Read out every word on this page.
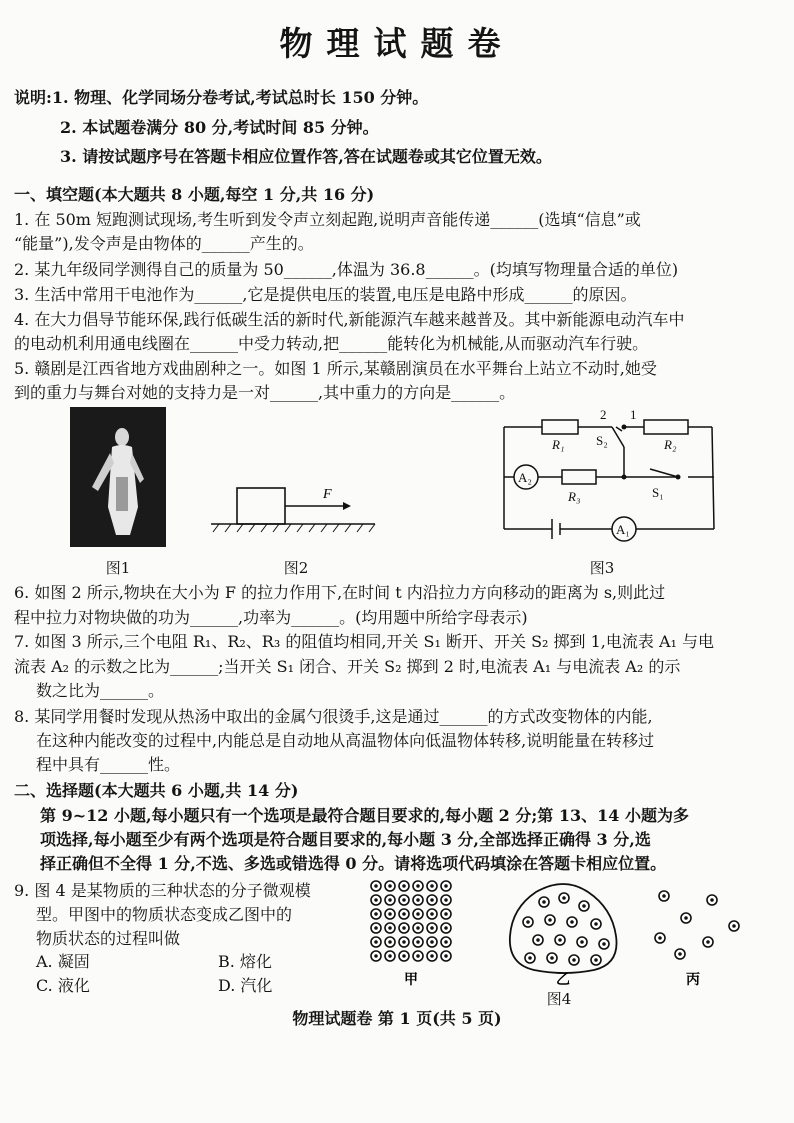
物理试题卷
说明:1. 物理、化学同场分卷考试,考试总时长 150 分钟。
2. 本试题卷满分 80 分,考试时间 85 分钟。
3. 请按试题序号在答题卡相应位置作答,答在试题卷或其它位置无效。
一、填空题(本大题共 8 小题,每空 1 分,共 16 分)
1. 在 50m 短跑测试现场,考生听到发令声立刻起跑,说明声音能传递______(选填“信息”或
“能量”),发令声是由物体的______产生的。
2. 某九年级同学测得自己的质量为 50______,体温为 36.8______。(均填写物理量合适的单位)
3. 生活中常用干电池作为______,它是提供电压的装置,电压是电路中形成______的原因。
4. 在大力倡导节能环保,践行低碳生活的新时代,新能源汽车越来越普及。其中新能源电动汽车中
的电动机利用通电线圈在______中受力转动,把______能转化为机械能,从而驱动汽车行驶。
5. 赣剧是江西省地方戏曲剧种之一。如图 1 所示,某赣剧演员在水平舞台上站立不动时,她受
到的重力与舞台对她的支持力是一对______,其中重力的方向是______。
图1
F
图2
R₁	R₂
R₃	S₁
S₂
A₂
A₁
2 1
图3
6. 如图 2 所示,物块在大小为 F 的拉力作用下,在时间 t 内沿拉力方向移动的距离为 s,则此过
程中拉力对物块做的功为______,功率为______。(均用题中所给字母表示)
7. 如图 3 所示,三个电阻 R₁、R₂、R₃ 的阻值均相同,开关 S₁ 断开、开关 S₂ 掷到 1,电流表 A₁ 与电
流表 A₂ 的示数之比为______;当开关 S₁ 闭合、开关 S₂ 掷到 2 时,电流表 A₁ 与电流表 A₂ 的示
数之比为______。
8. 某同学用餐时发现从热汤中取出的金属勺很烫手,这是通过______的方式改变物体的内能,
在这种内能改变的过程中,内能总是自动地从高温物体向低温物体转移,说明能量在转移过
程中具有______性。
二、选择题(本大题共 6 小题,共 14 分)
第 9~12 小题,每小题只有一个选项是最符合题目要求的,每小题 2 分;第 13、14 小题为多
项选择,每小题至少有两个选项是符合题目要求的,每小题 3 分,全部选择正确得 3 分,选
择正确但不全得 1 分,不选、多选或错选得 0 分。请将选项代码填涂在答题卡相应位置。
9. 图 4 是某物质的三种状态的分子微观模
型。甲图中的物质状态变成乙图中的
物质状态的过程叫做
A. 凝固	B. 熔化
C. 液化	D. 汽化	甲	乙	丙
图4
物理试题卷 第 1 页(共 5 页)
